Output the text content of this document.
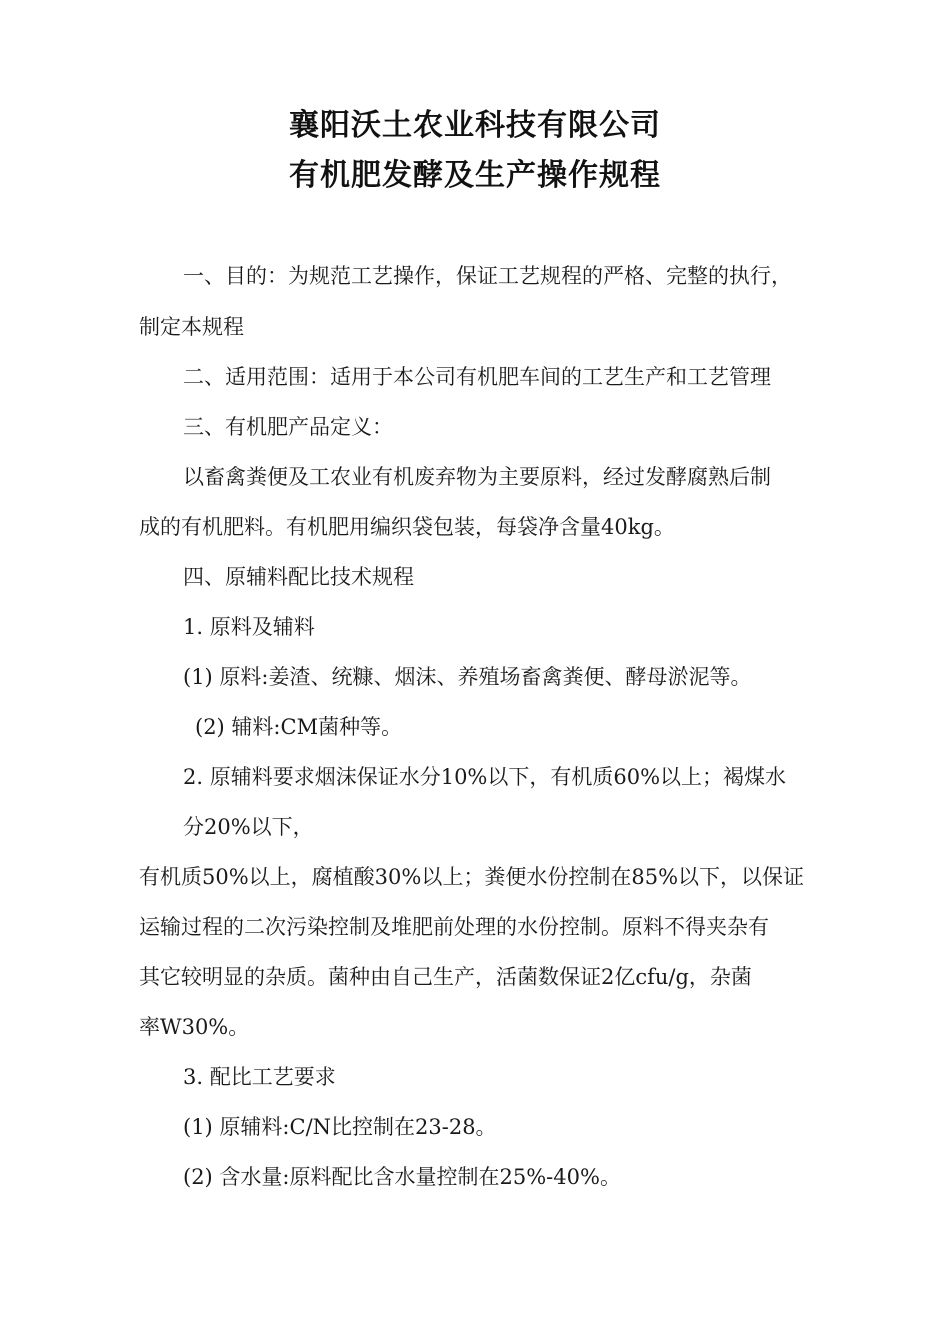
襄阳沃土农业科技有限公司
有机肥发酵及生产操作规程
一、目的：为规范工艺操作，保证工艺规程的严格、完整的执行，
制定本规程
二、适用范围：适用于本公司有机肥车间的工艺生产和工艺管理
三、有机肥产品定义：
以畜禽粪便及工农业有机废弃物为主要原料，经过发酵腐熟后制
成的有机肥料。有机肥用编织袋包装，每袋净含量40kg。
四、原辅料配比技术规程
1. 原料及辅料
(1) 原料:姜渣、统糠、烟沫、养殖场畜禽粪便、酵母淤泥等。
(2) 辅料:CM菌种等。
2. 原辅料要求烟沫保证水分10%以下，有机质60%以上；褐煤水
分20%以下，
有机质50%以上，腐植酸30%以上；粪便水份控制在85%以下，以保证
运输过程的二次污染控制及堆肥前处理的水份控制。原料不得夹杂有
其它较明显的杂质。菌种由自己生产，活菌数保证2亿cfu/g，杂菌
率W30%。
3. 配比工艺要求
(1) 原辅料:C/N比控制在23-28。
(2) 含水量:原料配比含水量控制在25%-40%。
